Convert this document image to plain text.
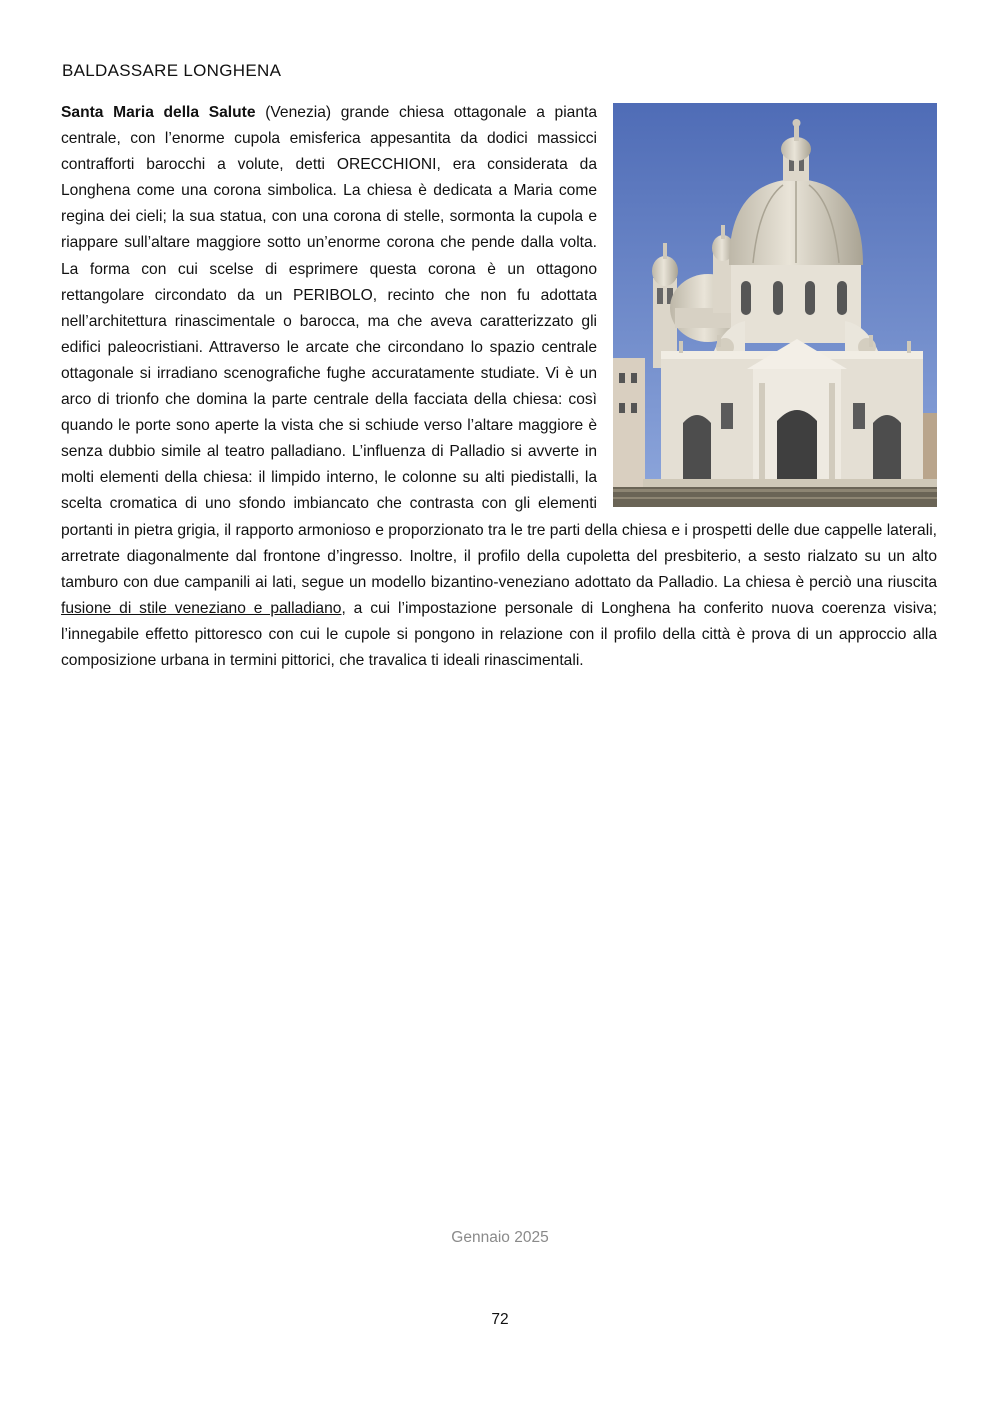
BALDASSARE LONGHENA
Santa Maria della Salute (Venezia) grande chiesa ottagonale a pianta centrale, con l’enorme cupola emisferica appesantita da dodici massicci contrafforti barocchi a volute, detti ORECCHIONI, era considerata da Longhena come una corona simbolica. La chiesa è dedicata a Maria come regina dei cieli; la sua statua, con una corona di stelle, sormonta la cupola e riappare sull’altare maggiore sotto un’enorme corona che pende dalla volta. La forma con cui scelse di esprimere questa corona è un ottagono rettangolare circondato da un PERIBOLO, recinto che non fu adottata nell’architettura rinascimentale o barocca, ma che aveva caratterizzato gli edifici paleocristiani. Attraverso le arcate che circondano lo spazio centrale ottagonale si irradiano scenografiche fughe accuratamente studiate. Vi è un arco di trionfo che domina la parte centrale della facciata della chiesa: così quando le porte sono aperte la vista che si schiude verso l’altare maggiore è senza dubbio simile al teatro palladiano. L’influenza di Palladio si avverte in molti elementi della chiesa: il limpido interno, le colonne su alti piedistalli, la scelta cromatica di uno sfondo imbiancato che contrasta con gli elementi portanti in pietra grigia, il rapporto armonioso e proporzionato tra le tre parti della chiesa e i prospetti delle due cappelle laterali, arretrate diagonalmente dal frontone d’ingresso. Inoltre, il profilo della cupoletta del presbiterio, a sesto rialzato su un alto tamburo con due campanili ai lati, segue un modello bizantino-veneziano adottato da Palladio. La chiesa è perciò una riuscita fusione di stile veneziano e palladiano, a cui l’impostazione personale di Longhena ha conferito nuova coerenza visiva; l’innegabile effetto pittoresco con cui le cupole si pongono in relazione con il profilo della città è prova di un approccio alla composizione urbana in termini pittorici, che travalica ti ideali rinascimentali.
Gennaio 2025
72
